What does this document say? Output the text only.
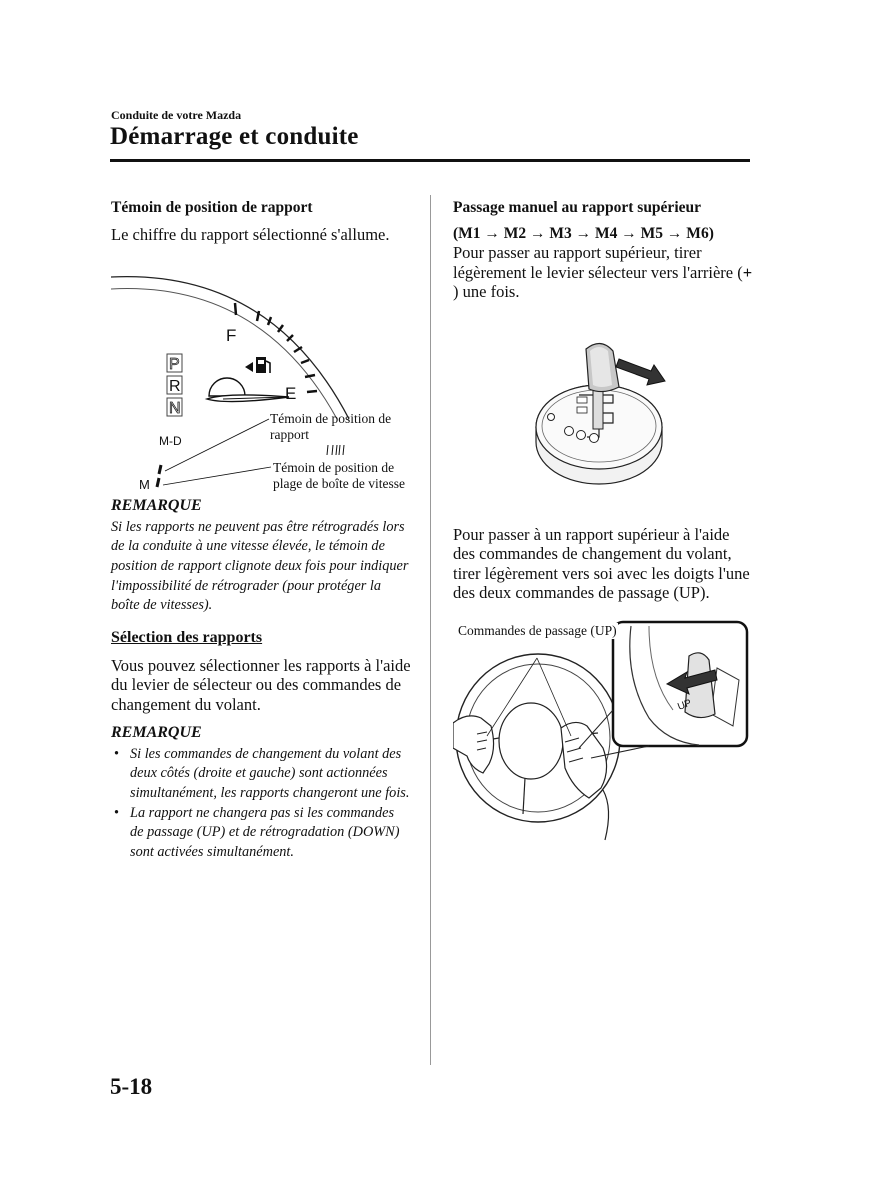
Conduite de votre Mazda
Démarrage et conduite

Témoin de position de rapport

Le chiffre du rapport sélectionné s'allume.

F
E
P
R
N
M-D
M
Témoin de position de rapport
Témoin de position de plage de boîte de vitesse

REMARQUE

Si les rapports ne peuvent pas être rétrogradés lors de la conduite à une vitesse élevée, le témoin de position de rapport clignote deux fois pour indiquer l'impossibilité de rétrograder (pour protéger la boîte de vitesses).

Sélection des rapports

Vous pouvez sélectionner les rapports à l'aide du levier de sélecteur ou des commandes de changement du volant.

REMARQUE

• Si les commandes de changement du volant des deux côtés (droite et gauche) sont actionnées simultanément, les rapports changeront une fois.
• La rapport ne changera pas si les commandes de passage (UP) et de rétrogradation (DOWN) sont activées simultanément.

Passage manuel au rapport supérieur

(M1 → M2 → M3 → M4 → M5 → M6)

Pour passer au rapport supérieur, tirer légèrement le levier sélecteur vers l'arrière (+ ) une fois.

Pour passer à un rapport supérieur à l'aide des commandes de changement du volant, tirer légèrement vers soi avec les doigts l'une des deux commandes de passage (UP).

UP
Commandes de passage (UP)
5-18
